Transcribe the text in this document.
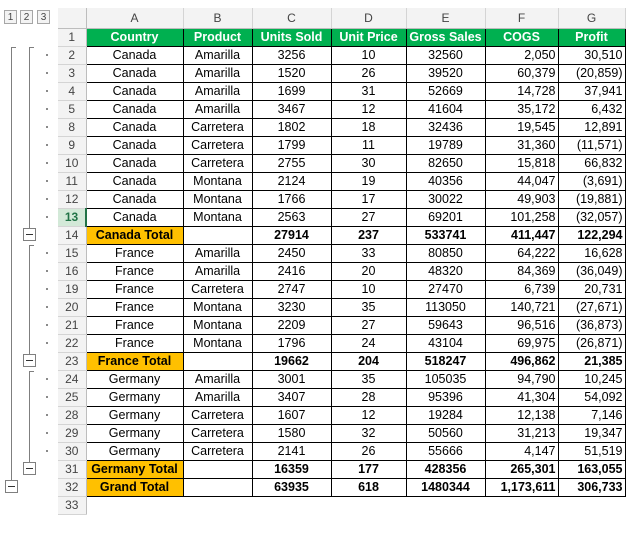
1	2	3
		A	B	C	D	E	F	G
1	Country	Product	Units Sold	Unit Price	Gross Sales	COGS	Profit
2	Canada	Amarilla	3256	10	32560	2,050	30,510
3	Canada	Amarilla	1520	26	39520	60,379	(20,859)
4	Canada	Amarilla	1699	31	52669	14,728	37,941
5	Canada	Amarilla	3467	12	41604	35,172	6,432
8	Canada	Carretera	1802	18	32436	19,545	12,891
9	Canada	Carretera	1799	11	19789	31,360	(11,571)
10	Canada	Carretera	2755	30	82650	15,818	66,832
11	Canada	Montana	2124	19	40356	44,047	(3,691)
12	Canada	Montana	1766	17	30022	49,903	(19,881)
13	Canada	Montana	2563	27	69201	101,258	(32,057)
14	Canada Total		27914	237	533741	411,447	122,294
15	France	Amarilla	2450	33	80850	64,222	16,628
16	France	Amarilla	2416	20	48320	84,369	(36,049)
19	France	Carretera	2747	10	27470	6,739	20,731
20	France	Montana	3230	35	113050	140,721	(27,671)
21	France	Montana	2209	27	59643	96,516	(36,873)
22	France	Montana	1796	24	43104	69,975	(26,871)
23	France Total		19662	204	518247	496,862	21,385
24	Germany	Amarilla	3001	35	105035	94,790	10,245
25	Germany	Amarilla	3407	28	95396	41,304	54,092
28	Germany	Carretera	1607	12	19284	12,138	7,146
29	Germany	Carretera	1580	32	50560	31,213	19,347
30	Germany	Carretera	2141	26	55666	4,147	51,519
31	Germany Total		16359	177	428356	265,301	163,055
32	Grand Total		63935	618	1480344	1,173,611	306,733
33							
